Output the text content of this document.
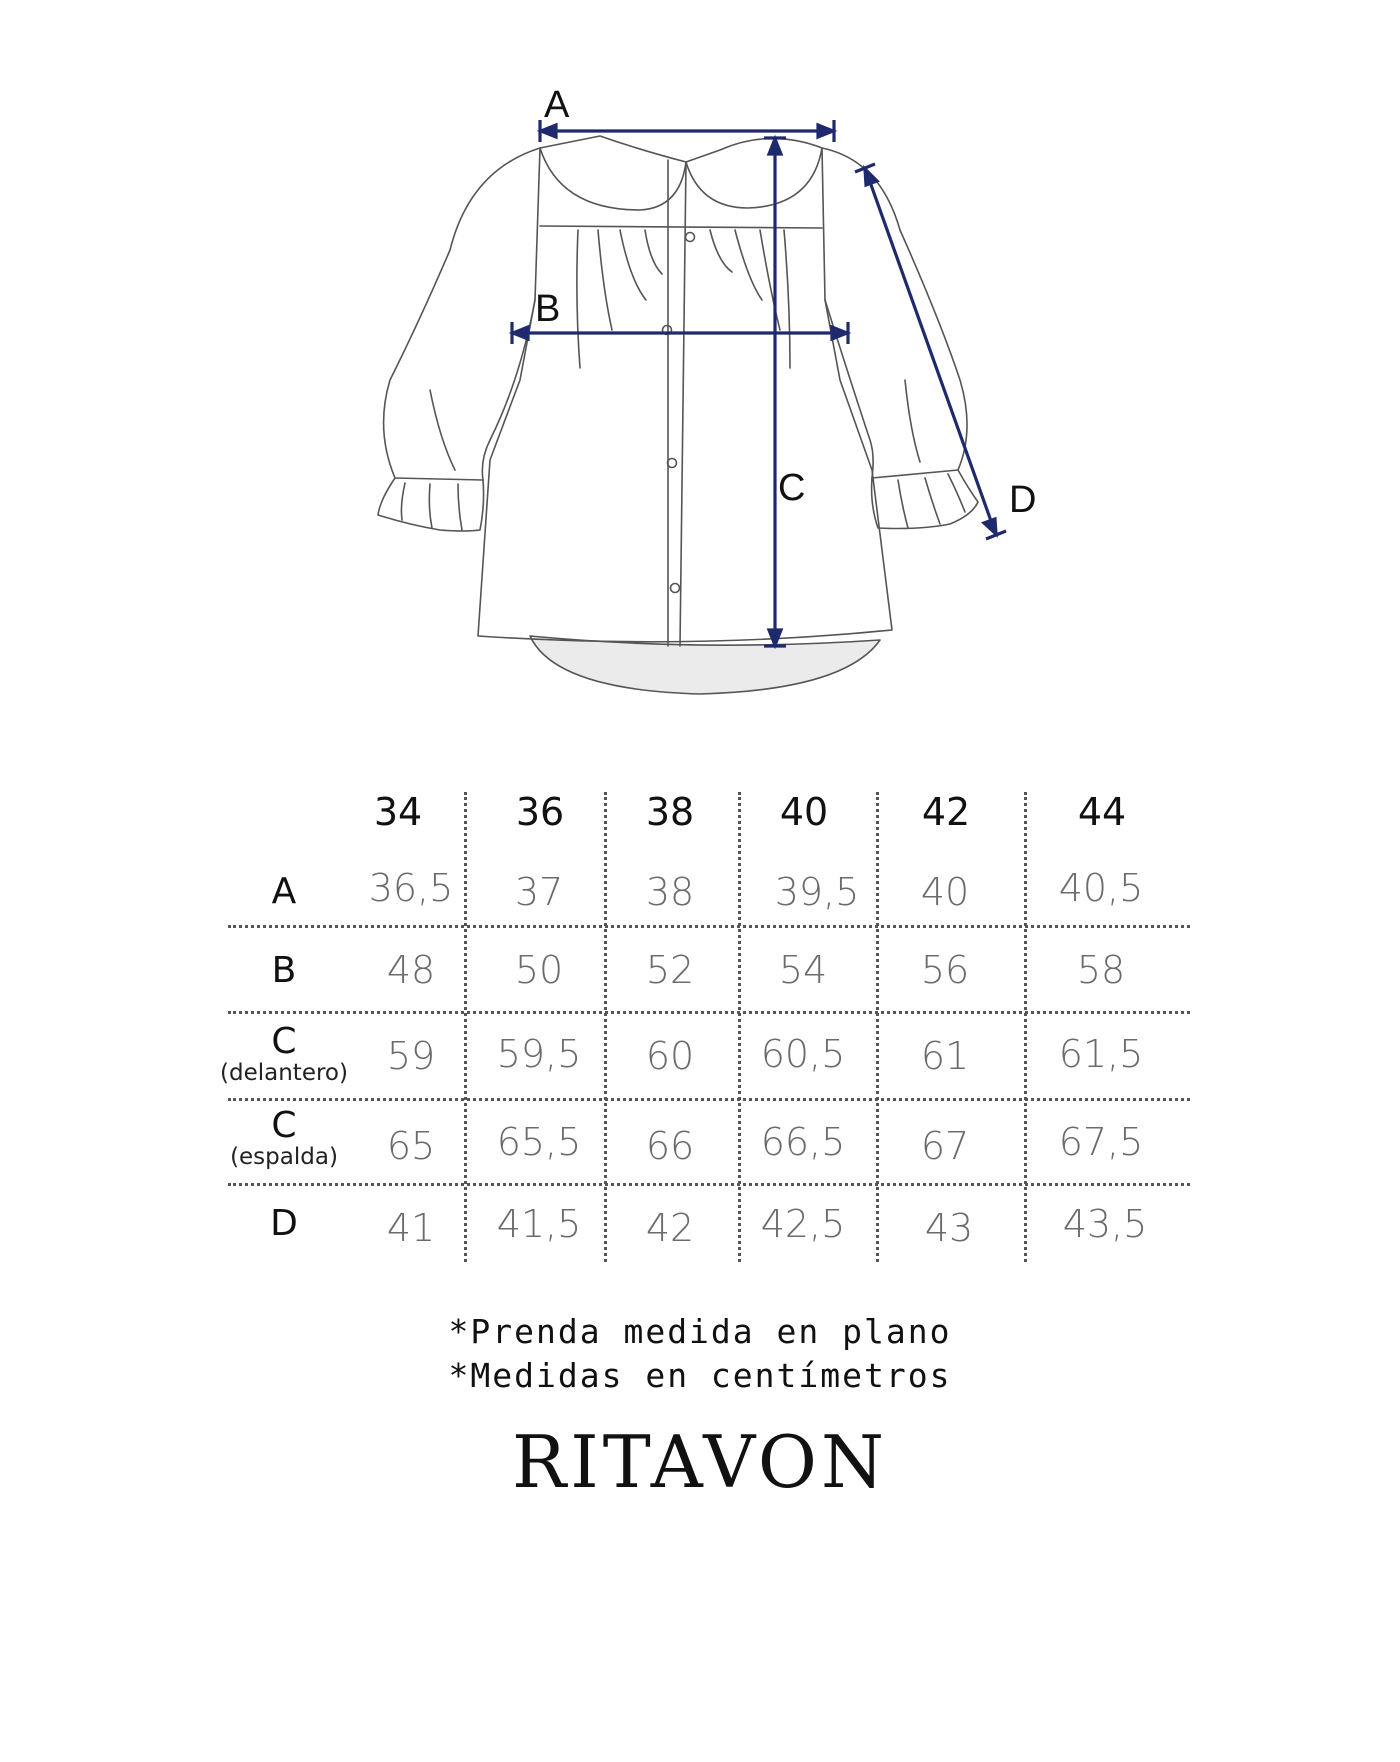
A
B
C	D
34	36	38	40	42	44
A	36,5	37	38	39,5	40	40,5
B	48	50	52	54	56	58
C
(delantero)	59	59,5	60	60,5	61	61,5
C
(espalda)	65	65,5	66	66,5	67	67,5
D	41	41,5	42	42,5	43	43,5
*Prenda medida en plano
*Medidas en centímetros
RITAVON
